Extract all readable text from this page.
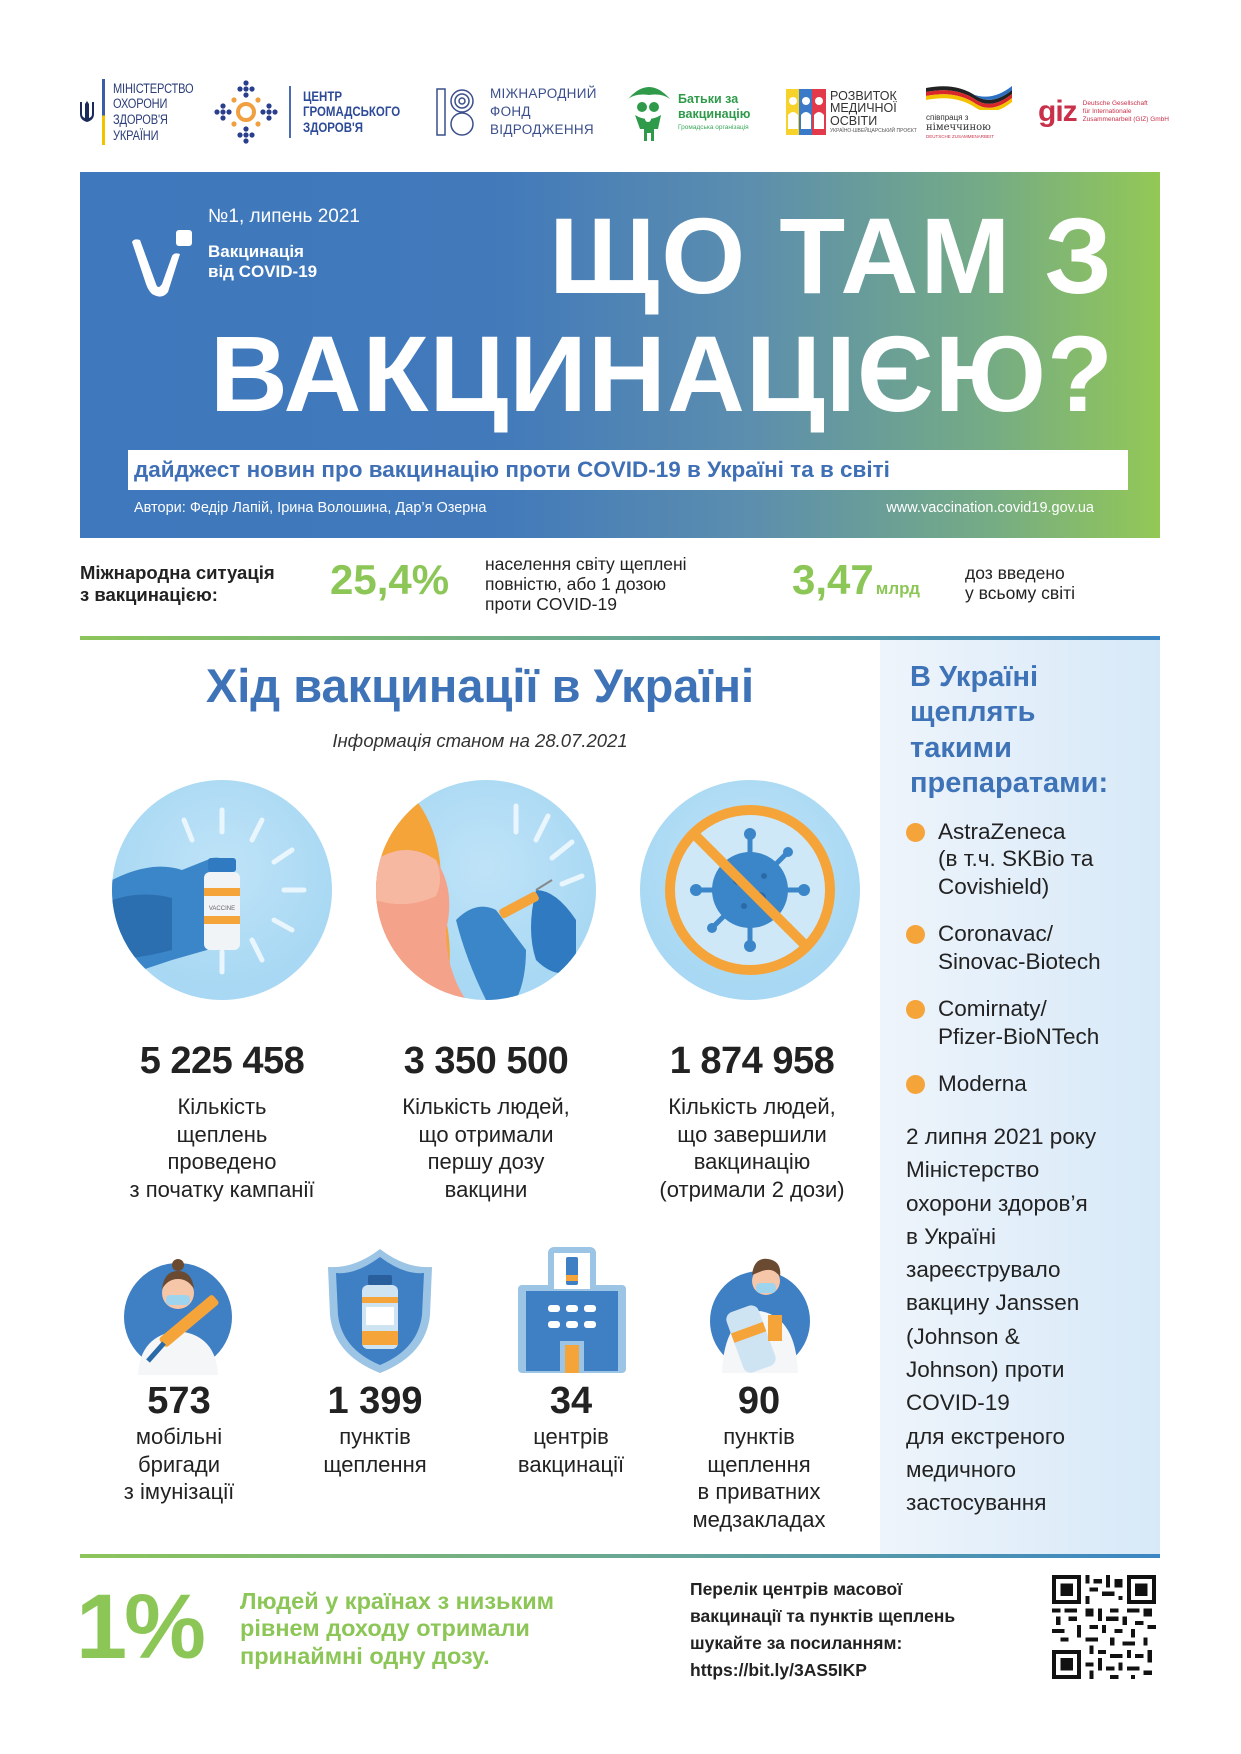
МІНІСТЕРСТВО
ОХОРОНИ
ЗДОРОВ'Я
УКРАЇНИ
ЦЕНТР
ГРОМАДСЬКОГО
ЗДОРОВ'Я
МІЖНАРОДНИЙ
ФОНД
ВІДРОДЖЕННЯ
Батьки за
вакцинацію
Громадська організація
РОЗВИТОК
МЕДИЧНОЇ
ОСВІТИ
УКРАЇНО-ШВЕЙЦАРСЬКИЙ ПРОЄКТ
співпраця з
німеччиною
DEUTSCHE ZUSAMMENARBEIT
giz Deutsche Gesellschaft
für Internationale
Zusammenarbeit (GIZ) GmbH
№1, липень 2021
Вакцинація
від COVID-19	ЩО ТАМ З
ВАКЦИНАЦІЄЮ?
дайджест новин про вакцинацію проти COVID-19 в Україні та в світі
Автори: Федір Лапій, Ірина Волошина, Дар’я Озерна	www.vaccination.covid19.gov.ua
Міжнародна ситуація
з вакцинацією:	25,4% населення світу щеплені
повністю, або 1 дозою
проти COVID-19
3,47 млрд
доз введено
у всьому світі
В Україні
щеплять
такими
препаратами:
AstraZeneca
(в т.ч. SKBio та
Covishield)
Coronavac/
Sinovac-Biotech
Comirnaty/
Pfizer-BioNTech
Moderna
2 липня 2021 року
Міністерство
охорони здоров’я
в Україні
зареєструвало
вакцину Janssen
(Johnson &
Johnson) проти
COVID-19
для екстреного
медичного
застосування
Хід вакцинації в Україні
Інформація станом на 28.07.2021
VACCINE
5 225 458
Кількість
щеплень
проведено
з початку кампанії
3 350 500
Кількість людей,
що отримали
першу дозу
вакцини
1 874 958
Кількість людей,
що завершили
вакцинацію
(отримали 2 дози)
573
мобільні
бригади
з імунізації
1 399
пунктів
щеплення
34
центрів
вакцинації
90
пунктів
щеплення
в приватних
медзакладах
1% Людей у країнах з низьким
рівнем доходу отримали
принаймні одну дозу.
Перелік центрів масової
вакцинації та пунктів щеплень
шукайте за посиланням:
https://bit.ly/3AS5IKP
